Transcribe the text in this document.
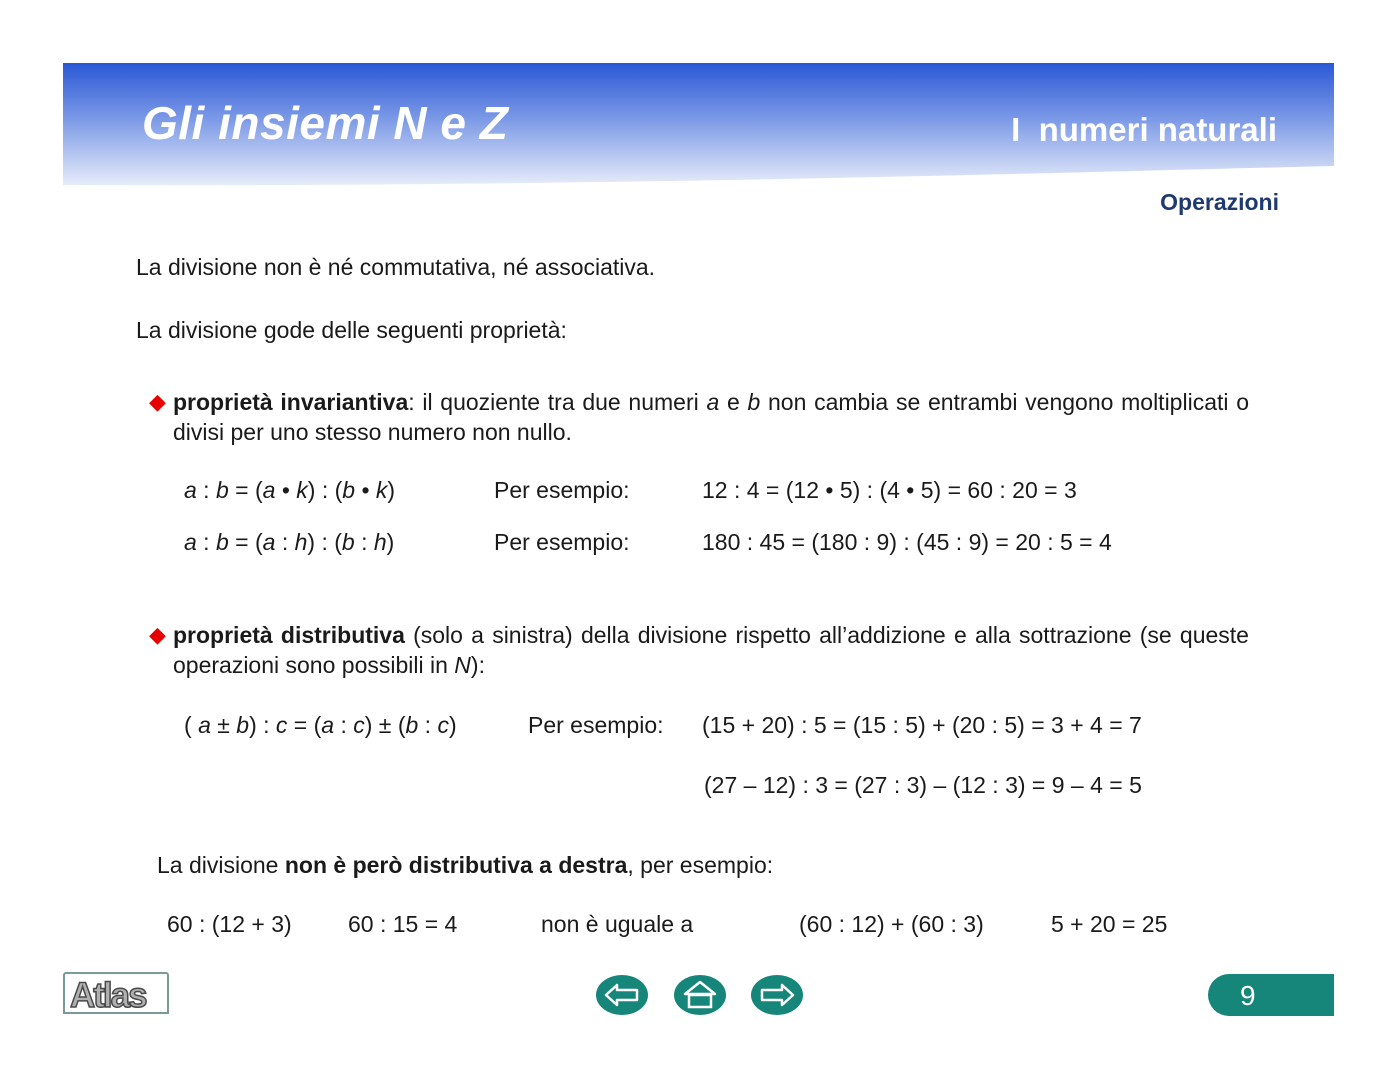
Gli insiemi N e Z	I  numeri naturali
Operazioni
La divisione non è né commutativa, né associativa.
La divisione gode delle seguenti proprietà:
◆ proprietà invariantiva: il quoziente tra due numeri a e b non cambia se entrambi vengono moltiplicati o divisi per uno stesso numero non nullo.
a : b = (a • k) : (b • k)	Per esempio:	12 : 4 = (12 • 5) : (4 • 5) = 60 : 20 = 3
a : b = (a : h) : (b : h)	Per esempio:	180 : 45 = (180 : 9) : (45 : 9) = 20 : 5 = 4
◆ proprietà distributiva (solo a sinistra) della divisione rispetto all’addizione e alla sottrazione (se queste operazioni sono possibili in N):
( a ± b) : c = (a : c) ± (b : c)	Per esempio: (15 + 20) : 5 = (15 : 5) + (20 : 5) = 3 + 4 = 7
(27 – 12) : 3 = (27 : 3) – (12 : 3) = 9 – 4 = 5
La divisione non è però distributiva a destra, per esempio:
60 : (12 + 3) 60 : 15 = 4	non è uguale a	(60 : 12) + (60 : 3)	5 + 20 = 25
Atlas	9
